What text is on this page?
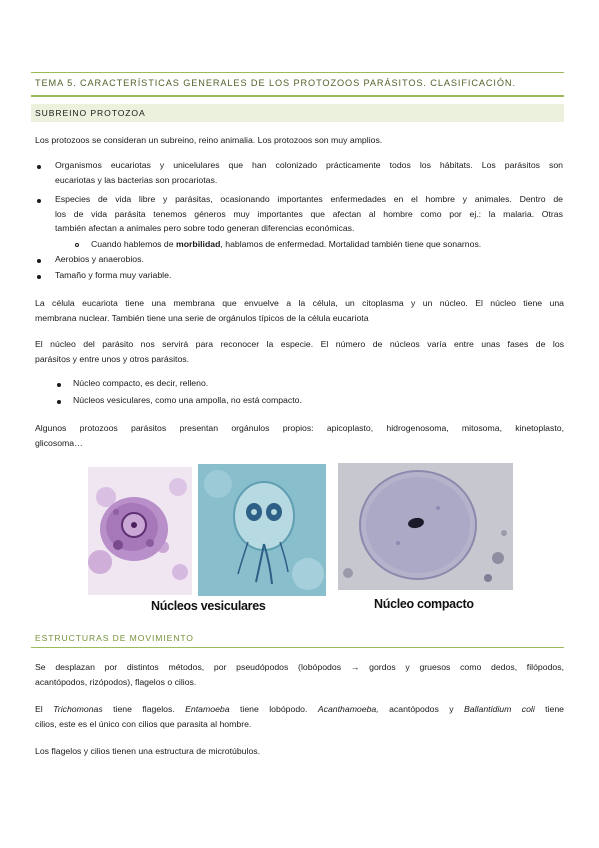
TEMA 5. CARACTERÍSTICAS GENERALES DE LOS PROTOZOOS PARÁSITOS. CLASIFICACIÓN.
SUBREINO PROTOZOA
Los protozoos se consideran un subreino, reino animalia. Los protozoos son muy amplios.
Organismos eucariotas y unicelulares que han colonizado prácticamente todos los hábitats. Los parásitos son
eucariotas y las bacterias son procariotas.
Especies de vida libre y parásitas, ocasionando importantes enfermedades en el hombre y animales. Dentro de
los de vida parásita tenemos géneros muy importantes que afectan al hombre como por ej.: la malaria. Otras
también afectan a animales pero sobre todo generan diferencias económicas.
Cuando hablemos de morbilidad, hablamos de enfermedad. Mortalidad también tiene que sonarnos.
Aerobios y anaerobios.
Tamaño y forma muy variable.
La célula eucariota tiene una membrana que envuelve a la célula, un citoplasma y un núcleo. El núcleo tiene una
membrana nuclear. También tiene una serie de orgánulos típicos de la célula eucariota
El núcleo del parásito nos servirá para reconocer la especie. El número de núcleos varía entre unas fases de los
parásitos y entre unos y otros parásitos.
Núcleo compacto, es decir, relleno.
Núcleos vesiculares, como una ampolla, no está compacto.
Algunos protozoos parásitos presentan orgánulos propios: apicoplasto, hidrogenosoma, mitosoma, kinetoplasto,
glicosoma…
Núcleos vesiculares	Núcleo compacto
ESTRUCTURAS DE MOVIMIENTO
Se desplazan por distintos métodos, por pseudópodos (lobópodos → gordos y gruesos como dedos, filópodos,
acantópodos, rizópodos), flagelos o cilios.
El Trichomonas tiene flagelos. Entamoeba tiene lobópodo. Acanthamoeba, acantópodos y Ballantidium coli tiene
cilios, este es el único con cilios que parasita al hombre.
Los flagelos y cilios tienen una estructura de microtúbulos.
